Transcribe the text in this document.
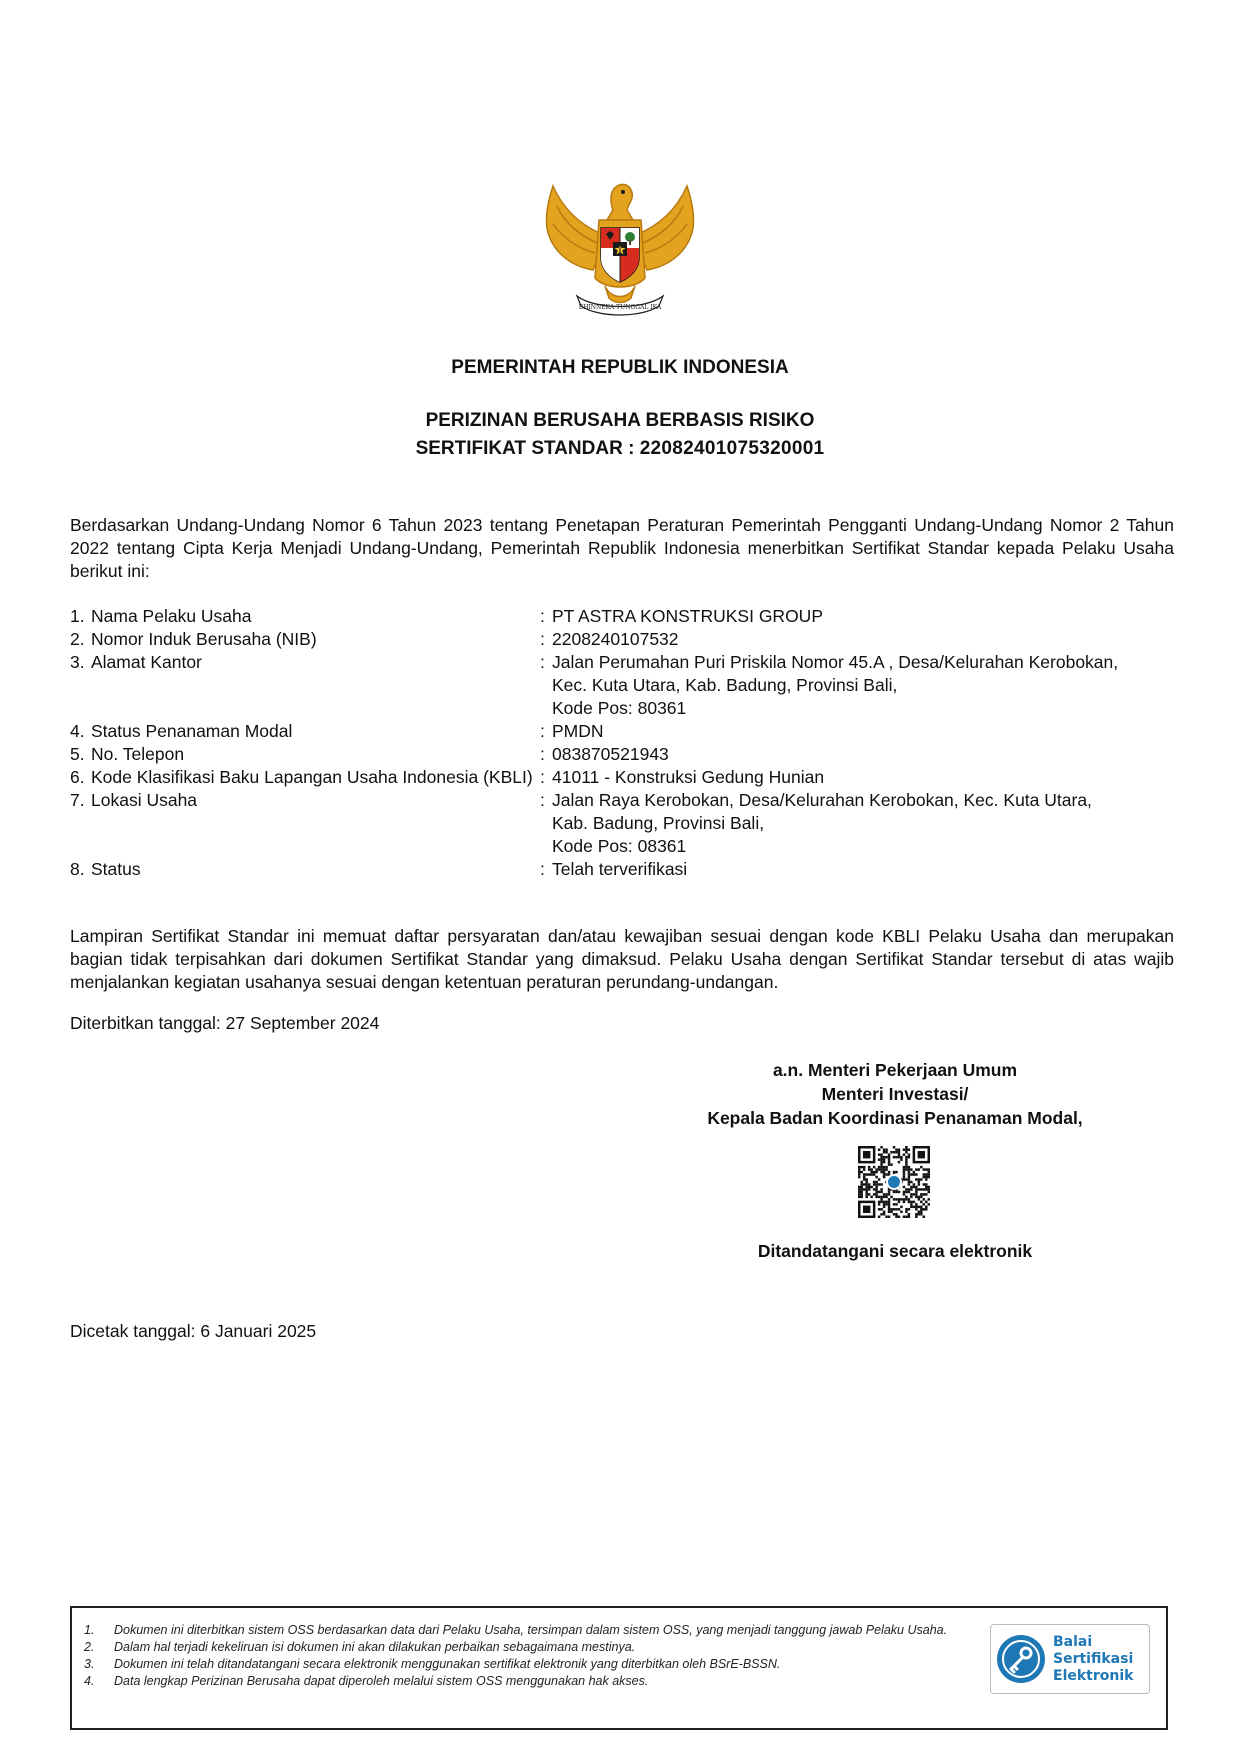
BHINNEKA TUNGGAL IKA
PEMERINTAH REPUBLIK INDONESIA
PERIZINAN BERUSAHA BERBASIS RISIKO
SERTIFIKAT STANDAR : 22082401075320001

Berdasarkan Undang-Undang Nomor 6 Tahun 2023 tentang Penetapan Peraturan Pemerintah Pengganti Undang-Undang Nomor 2 Tahun 2022 tentang Cipta Kerja Menjadi Undang-Undang, Pemerintah Republik Indonesia menerbitkan Sertifikat Standar kepada Pelaku Usaha berikut ini:

1. Nama Pelaku Usaha	: PT ASTRA KONSTRUKSI GROUP
2. Nomor Induk Berusaha (NIB)	: 2208240107532
3. Alamat Kantor	: Jalan Perumahan Puri Priskila Nomor 45.A , Desa/Kelurahan Kerobokan,
Kec. Kuta Utara, Kab. Badung, Provinsi Bali,
Kode Pos: 80361
4. Status Penanaman Modal	: PMDN
5. No. Telepon	: 083870521943
6. Kode Klasifikasi Baku Lapangan Usaha Indonesia (KBLI) : 41011 - Konstruksi Gedung Hunian
7. Lokasi Usaha	: Jalan Raya Kerobokan, Desa/Kelurahan Kerobokan, Kec. Kuta Utara,
Kab. Badung, Provinsi Bali,
Kode Pos: 08361
8. Status	: Telah terverifikasi

Lampiran Sertifikat Standar ini memuat daftar persyaratan dan/atau kewajiban sesuai dengan kode KBLI Pelaku Usaha dan merupakan bagian tidak terpisahkan dari dokumen Sertifikat Standar yang dimaksud. Pelaku Usaha dengan Sertifikat Standar tersebut di atas wajib menjalankan kegiatan usahanya sesuai dengan ketentuan peraturan perundang-undangan.

Diterbitkan tanggal: 27 September 2024
a.n. Menteri Pekerjaan Umum
Menteri Investasi/
Kepala Badan Koordinasi Penanaman Modal,
Ditandatangani secara elektronik
Dicetak tanggal: 6 Januari 2025
1.	Dokumen ini diterbitkan sistem OSS berdasarkan data dari Pelaku Usaha, tersimpan dalam sistem OSS, yang menjadi tanggung jawab Pelaku Usaha.
2.	Dalam hal terjadi kekeliruan isi dokumen ini akan dilakukan perbaikan sebagaimana mestinya.
3.	Dokumen ini telah ditandatangani secara elektronik menggunakan sertifikat elektronik yang diterbitkan oleh BSrE-BSSN.
4.	Data lengkap Perizinan Berusaha dapat diperoleh melalui sistem OSS menggunakan hak akses.
Balai
Sertifikasi
Elektronik
